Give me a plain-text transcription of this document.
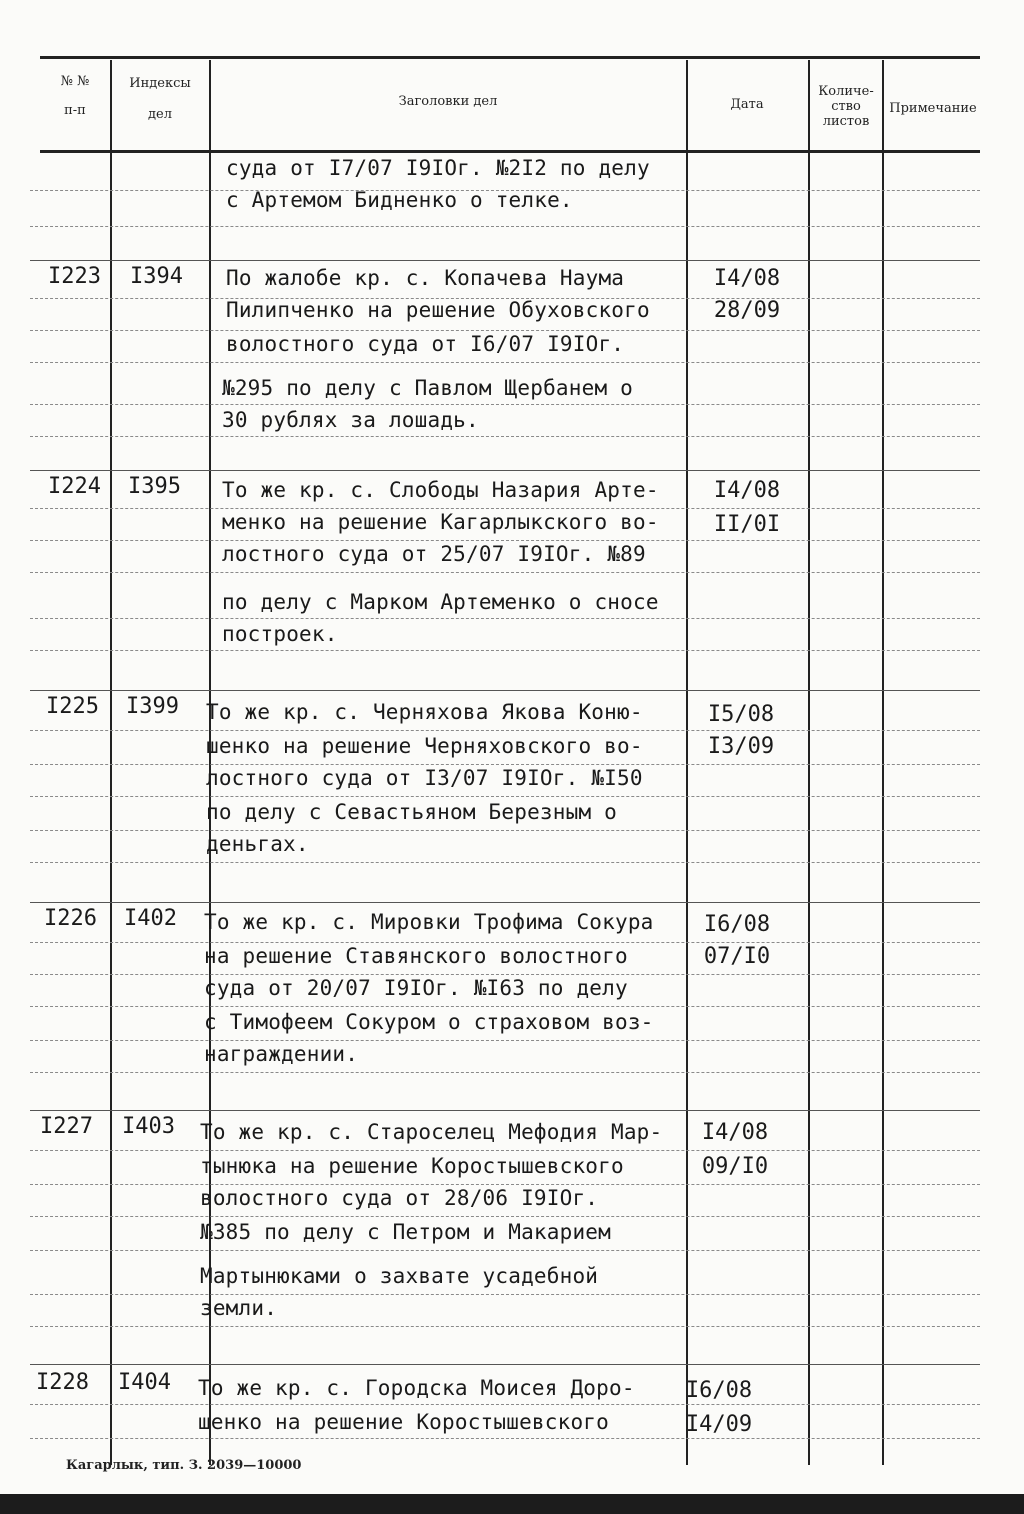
№ №
п-п
Индексы
дел
Заголовки дел	Дата
Количе-
ство
листов
Примечание
суда от I7/07 I9IOг. №2I2 по делу
с Артемом Бидненко о телке.
I223 I394 По жалобе кр. с. Копачева Наума
Пилипченко на решение Обуховского
волостного суда от I6/07 I9IOг.
№295 по делу с Павлом Щербанем о
30 рублях за лошадь.
I4/08
28/09
I224 I395 То же кр. с. Слободы Назария Арте-
менко на решение Кагарлыкского во-
лостного суда от 25/07 I9IOг. №89
по делу с Марком Артеменко о сносе
построек.
I4/08
II/0I
I225 I399 То же кр. с. Черняхова Якова Коню-
шенко на решение Черняховского во-
лостного суда от I3/07 I9IOг. №I50
по делу с Севастьяном Березным о
деньгах.
I5/08
I3/09
I226 I402 То же кр. с. Мировки Трофима Сокура
на решение Ставянского волостного
суда от 20/07 I9IOг. №I63 по делу
с Тимофеем Сокуром о страховом воз-
награждении.
I6/08
07/I0
I227 I403 То же кр. с. Староселец Мефодия Мар-
тынюка на решение Коростышевского
волостного суда от 28/06 I9IOг.
№385 по делу с Петром и Макарием
Мартынюками о захвате усадебной
земли.
I4/08
09/I0
I228 I404 То же кр. с. Городска Моисея Доро-
шенко на решение Коростышевского
I6/08
I4/09
Кагарлык, тип. З. 2039—10000
